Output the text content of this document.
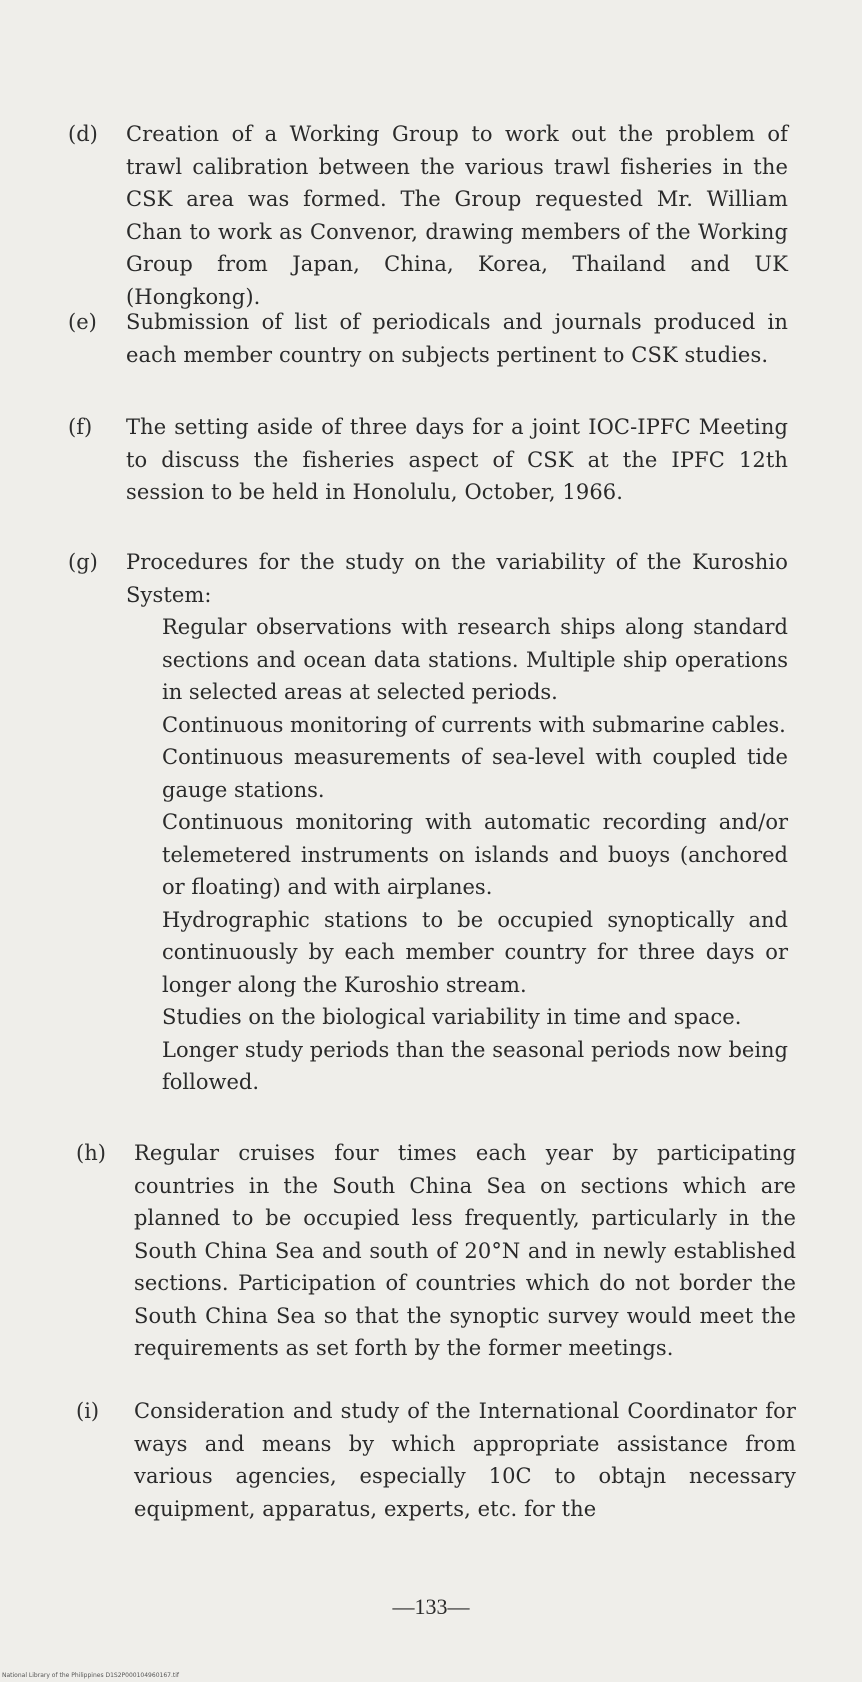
(d) Creation of a Working Group to work out the problem of trawl calibration between the various trawl fisheries in the CSK area was formed. The Group requested Mr. William Chan to work as Convenor, drawing members of the Working Group from Japan, China, Korea, Thailand and UK (Hongkong).
(e) Submission of list of periodicals and journals produced in each member country on subjects pertinent to CSK studies.
(f) The setting aside of three days for a joint IOC-IPFC Meeting to discuss the fisheries aspect of CSK at the IPFC 12th session to be held in Honolulu, October, 1966.
(g) Procedures for the study on the variability of the Kuroshio System:
Regular observations with research ships along standard sections and ocean data stations. Multiple ship operations in selected areas at selected periods.
Continuous monitoring of currents with submarine cables.
Continuous measurements of sea-level with coupled tide gauge stations.
Continuous monitoring with automatic recording and/or telemetered instruments on islands and buoys (anchored or floating) and with airplanes.
Hydrographic stations to be occupied synoptically and continuously by each member country for three days or longer along the Kuroshio stream.
Studies on the biological variability in time and space.
Longer study periods than the seasonal periods now being followed.
(h) Regular cruises four times each year by participating countries in the South China Sea on sections which are planned to be occupied less frequently, particularly in the South China Sea and south of 20°N and in newly established sections. Participation of countries which do not border the South China Sea so that the synoptic survey would meet the requirements as set forth by the former meetings.
(i) Consideration and study of the International Coordinator for ways and means by which appropriate assistance from various agencies, especially 10C to obtajn necessary equipment, apparatus, experts, etc. for the
—133—
National Library of the Philippines D1S2P000104960167.tif
